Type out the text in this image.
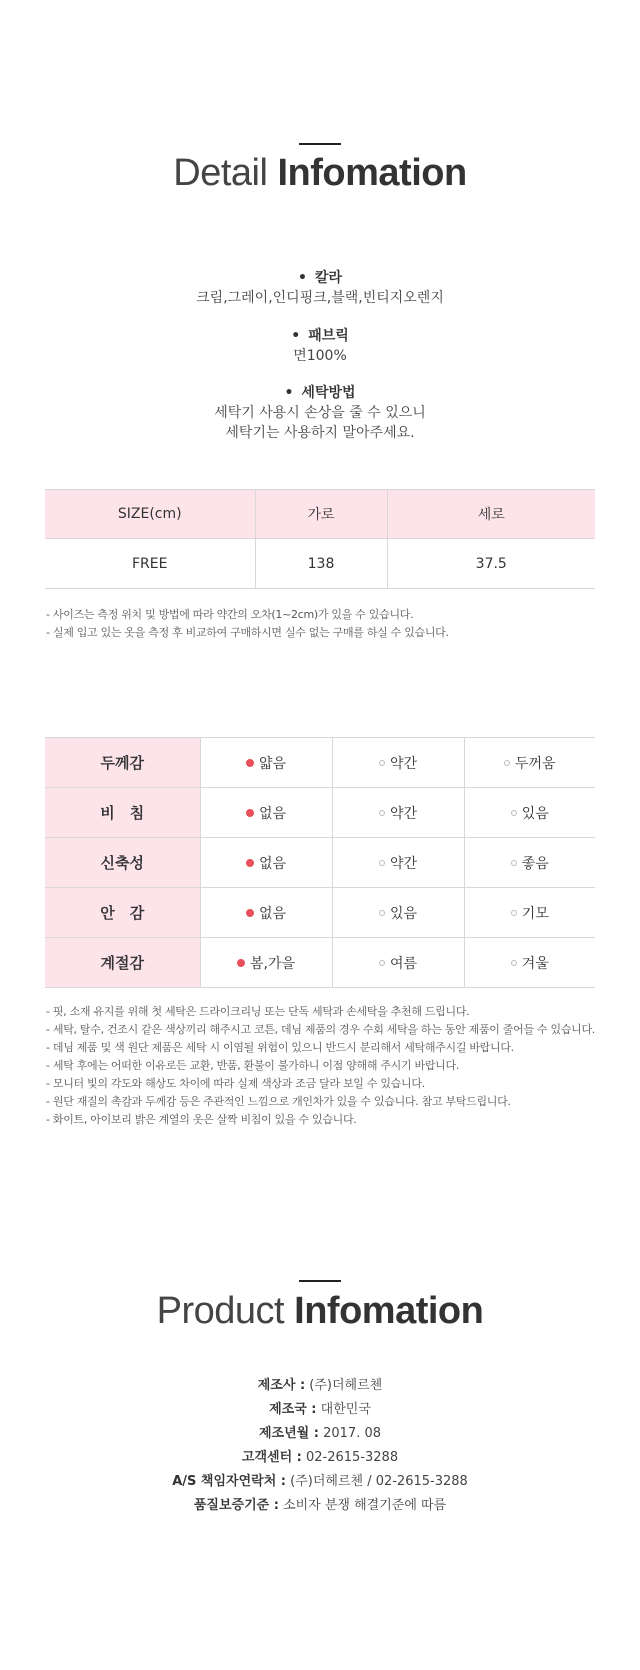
Detail Infomation
• 칼라
크림,그레이,인디핑크,블랙,빈티지오렌지
• 패브릭
면100%
• 세탁방법
세탁기 사용시 손상을 줄 수 있으니
세탁기는 사용하지 말아주세요.
SIZE(cm)	가로	세로
FREE	138	37.5
- 사이즈는 측정 위치 및 방법에 따라 약간의 오차(1~2cm)가 있을 수 있습니다.
- 실제 입고 있는 옷을 측정 후 비교하여 구매하시면 실수 없는 구매를 하실 수 있습니다.
두께감	얇음	약간	두꺼움

비　침	없음	약간	있음

신축성	없음	약간	좋음

안　감	없음	있음	기모

계절감	봄,가을	여름	겨울
- 핏, 소재 유지를 위해 첫 세탁은 드라이크리닝 또는 단독 세탁과 손세탁을 추천해 드립니다.
- 세탁, 탈수, 건조시 같은 색상끼리 해주시고 코튼, 데님 제품의 경우 수회 세탁을 하는 동안 제품이 줄어들 수 있습니다.
- 데님 제품 및 색 원단 제품은 세탁 시 이염될 위험이 있으니 반드시 분리해서 세탁해주시길 바랍니다.
- 세탁 후에는 어떠한 이유로든 교환, 반품, 환불이 불가하니 이점 양해해 주시기 바랍니다.
- 모니터 빛의 각도와 해상도 차이에 따라 실제 색상과 조금 달라 보일 수 있습니다.
- 원단 재질의 촉감과 두께감 등은 주관적인 느낌으로 개인차가 있을 수 있습니다. 참고 부탁드립니다.
- 화이트, 아이보리 밝은 계열의 옷은 살짝 비침이 있을 수 있습니다.
Product Infomation
제조사 : (주)더헤르첸
제조국 : 대한민국
제조년월 : 2017. 08
고객센터 : 02-2615-3288
A/S 책임자연락처 : (주)더헤르첸 / 02-2615-3288
품질보증기준 : 소비자 분쟁 해결기준에 따름
